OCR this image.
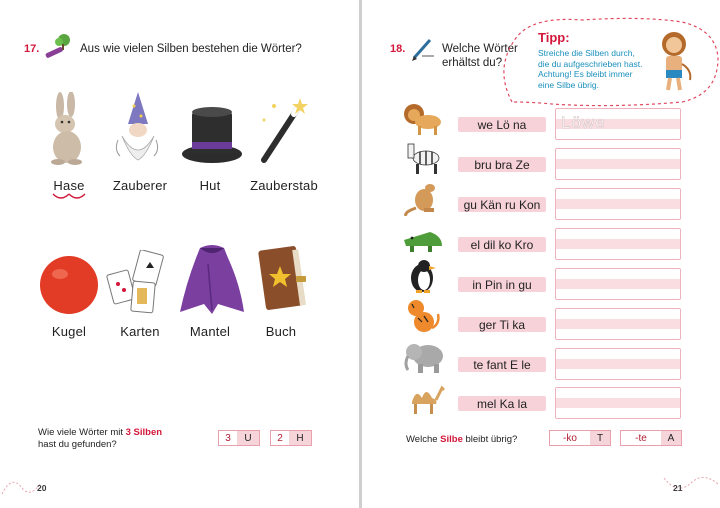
17.	Aus wie vielen Silben bestehen die Wörter?
Hase	Zauberer	Hut	Zauberstab
Kugel	Karten	Mantel	Buch
Wie viele Wörter mit 3 Silben
hast du gefunden?
3	U	2	H
20
18.	Welche Wörter
erhältst du?
Tipp:
Streiche die Silben durch,
die du aufgeschrieben hast.
Achtung! Es bleibt immer
eine Silbe übrig.
we Lö na	Löwe
bru bra Ze
gu Kän ru Kon
el dil ko Kro
in Pin in gu
ger Ti ka
te fant E le
mel Ka la
Welche Silbe bleibt übrig?	-ko	T	-te	A
21
